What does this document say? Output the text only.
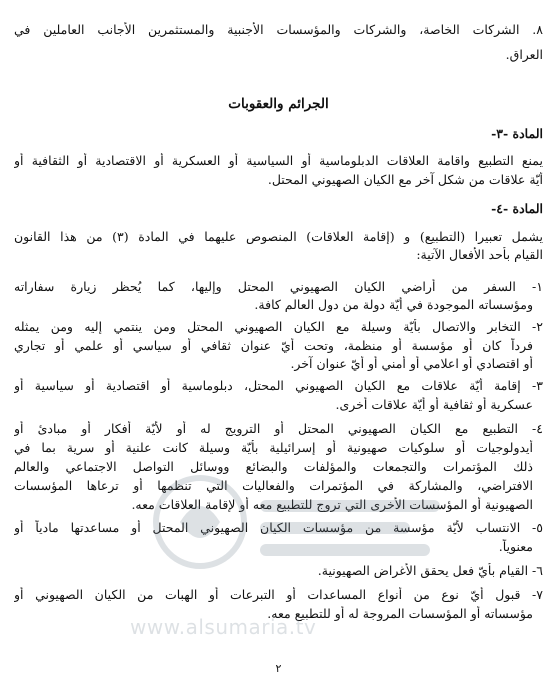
٨. الشركات الخاصة، والشركات والمؤسسات الأجنبية والمستثمرين الأجانب العاملين في
العراق.
الجرائم والعقوبات
المادة -٣-
يمنع التطبيع واقامة العلاقات الدبلوماسية أو السياسية أو العسكرية أو الاقتصادية أو الثقافية أو
أيّة علاقات من شكل آخر مع الكيان الصهيوني المحتل.
المادة -٤-
يشمل تعبيرا (التطبيع) و (إقامة العلاقات) المنصوص عليهما في المادة (٣) من هذا القانون
القيام بأحد الأفعال الآتية:
١- السفر من أراضي الكيان الصهيوني المحتل وإليها، كما يُحظر زيارة سفاراته
ومؤسساته الموجودة في أيّة دولة من دول العالم كافة.
٢- التخابر والاتصال بأيّة وسيلة مع الكيان الصهيوني المحتل ومن ينتمي إليه ومن يمثله
فرداً كان أو مؤسسة أو منظمة، وتحت أيّ عنوان ثقافي أو سياسي أو علمي أو تجاري
أو اقتصادي أو اعلامي أو أمني أو أيّ عنوان آخر.
٣- إقامة أيّة علاقات مع الكيان الصهيوني المحتل، دبلوماسية أو اقتصادية أو سياسية أو
عسكرية أو ثقافية أو أيّة علاقات أخرى.
٤- التطبيع مع الكيان الصهيوني المحتل أو الترويج له أو لأيّة أفكار أو مبادئ أو
أيدولوجيات أو سلوكيات صهيونية أو إسرائيلية بأيّة وسيلة كانت علنية أو سرية بما في
ذلك المؤتمرات والتجمعات والمؤلفات والبضائع ووسائل التواصل الاجتماعي والعالم
الافتراضي، والمشاركة في المؤتمرات والفعاليات التي تنظمها أو ترعاها المؤسسات
الصهيونية أو المؤسسات الأخرى التي تروج للتطبيع معه أو لإقامة العلاقات معه.
٥- الانتساب لأيّة مؤسسة من مؤسسات الكيان الصهيوني المحتل أو مساعدتها مادياً أو
معنوياً.
٦- القيام بأيّ فعل يحقق الأغراض الصهيونية.
٧- قبول أيّ نوع من أنواع المساعدات أو التبرعات أو الهبات من الكيان الصهيوني أو
مؤسساته أو المؤسسات المروجة له أو للتطبيع معه.
٢
www.alsumaria.tv
